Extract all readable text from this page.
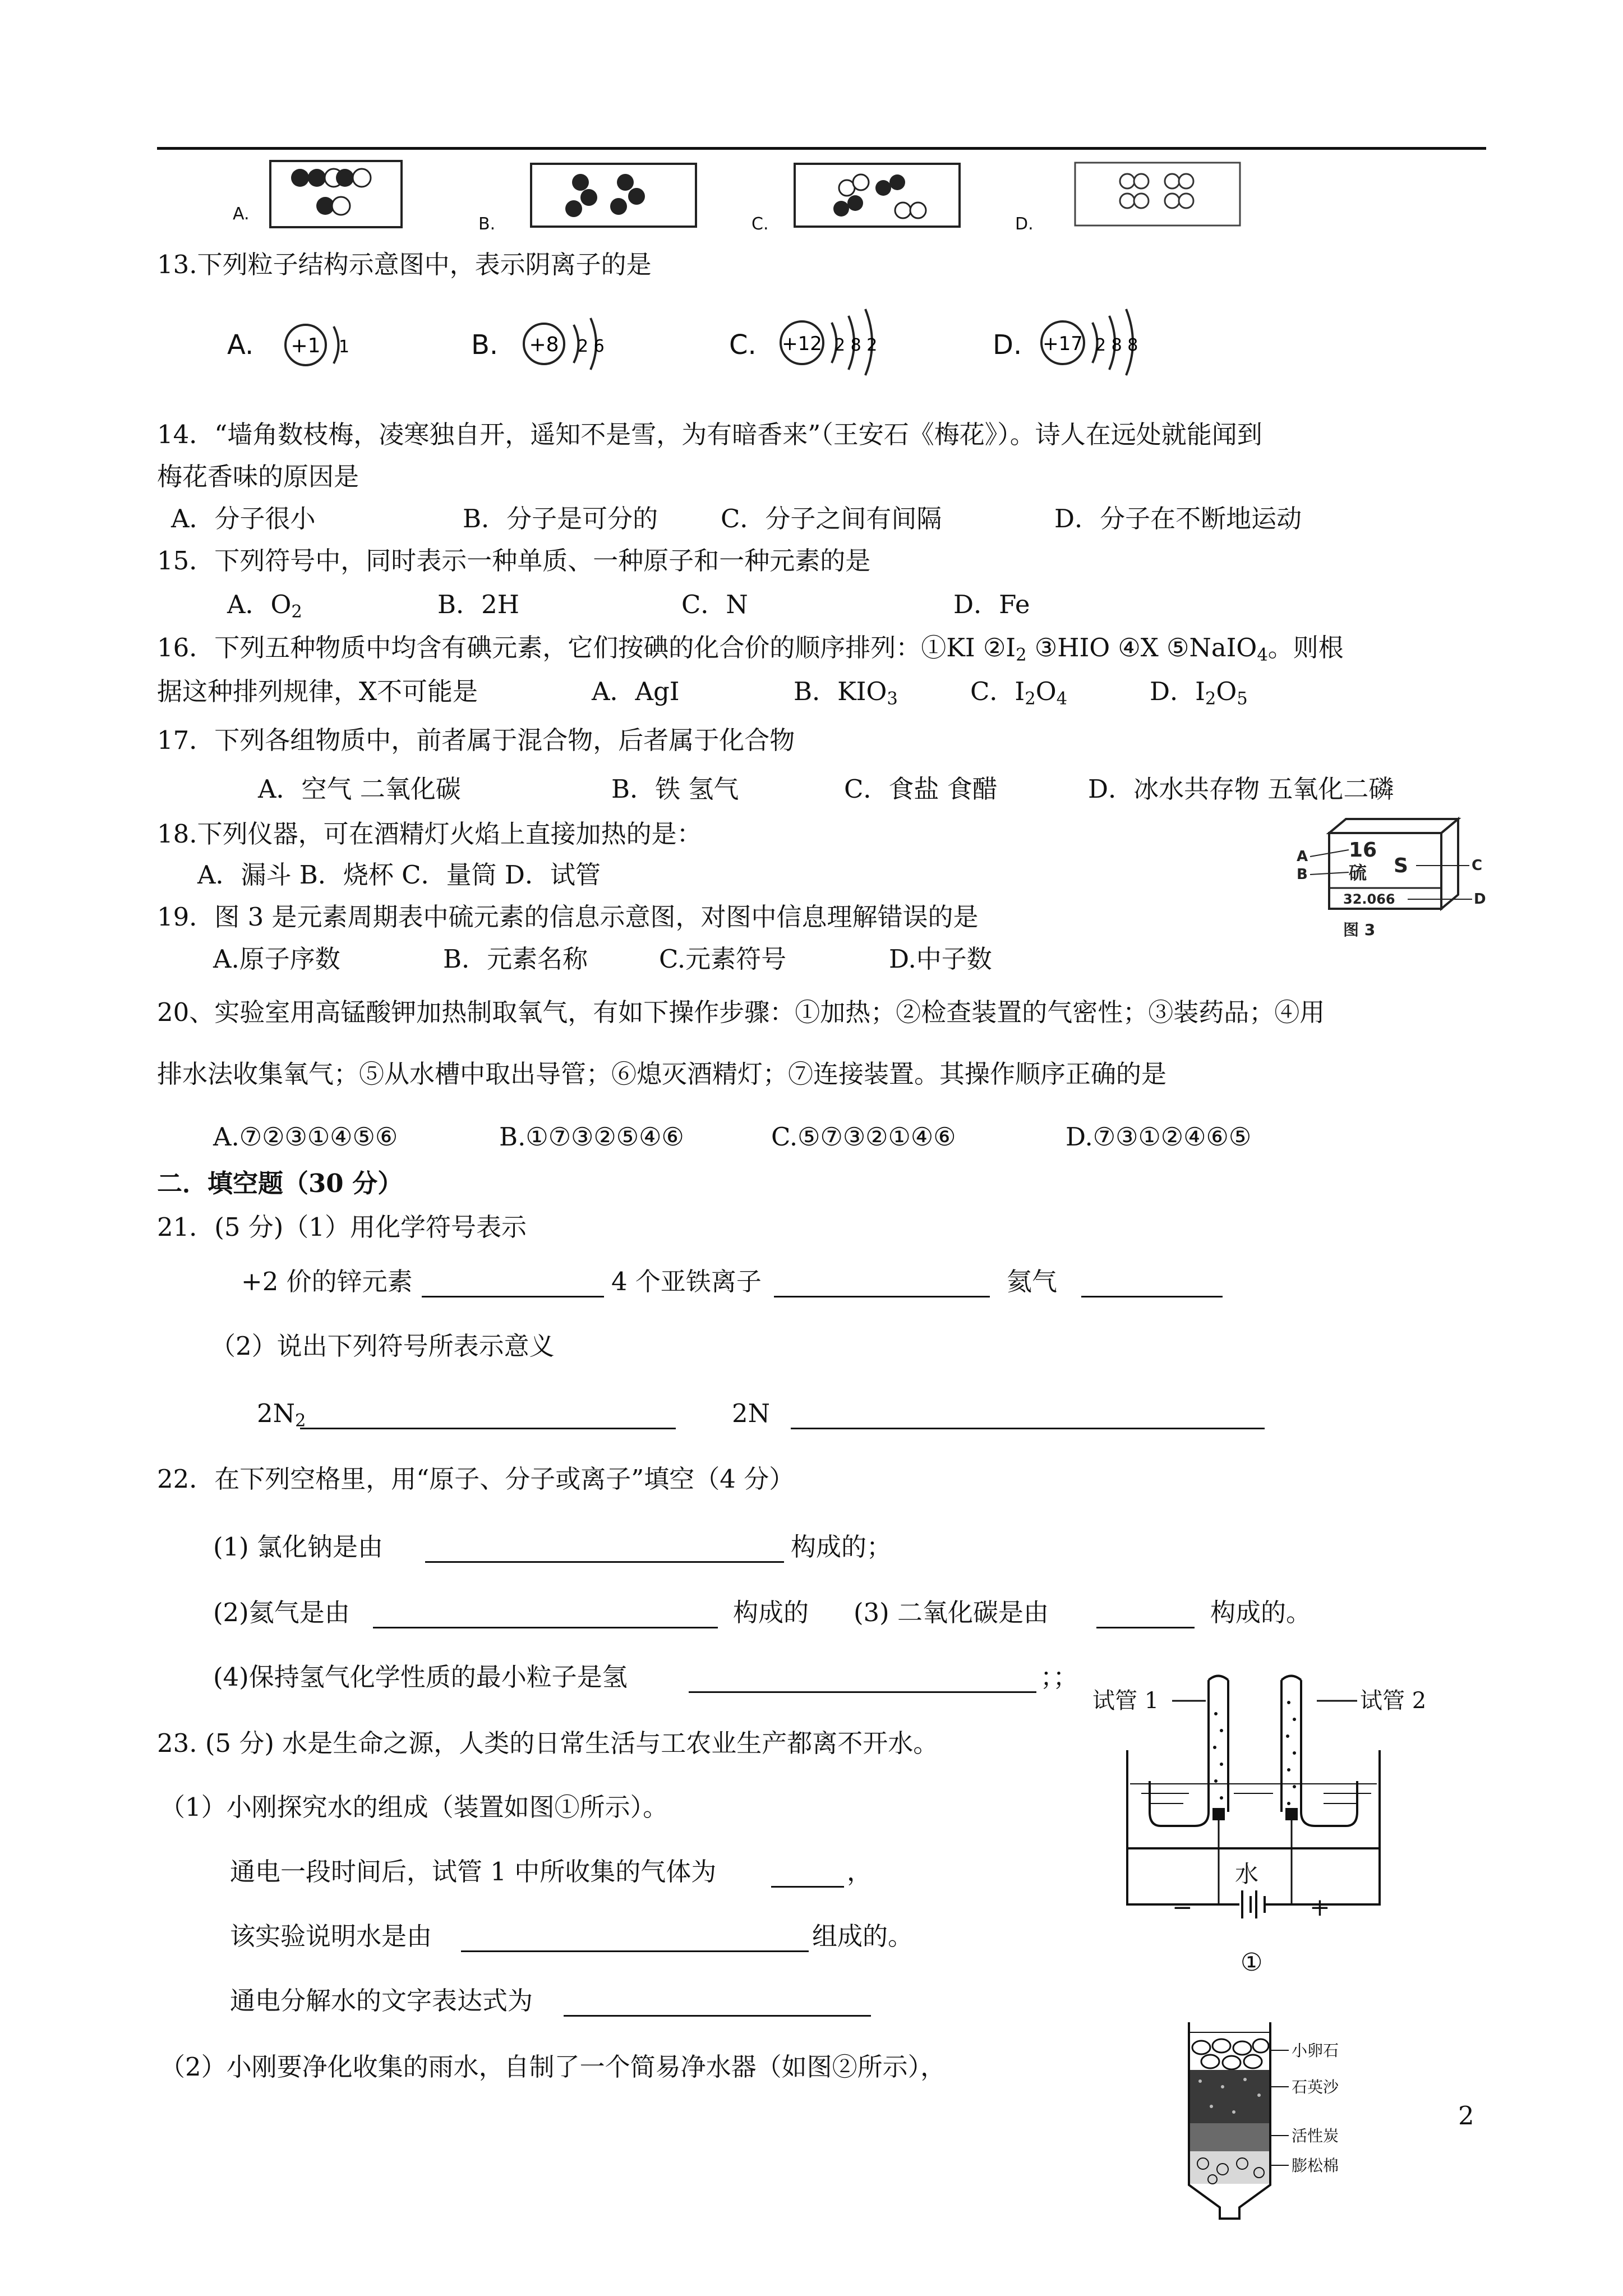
A.
B.	C.	D.
13.下列粒子结构示意图中，表示阴离子的是
A. +1 1	B. +8 2 6	C. +12 2 8 2	D. +17 2 8 8
14．“墙角数枝梅，凌寒独自开，遥知不是雪，为有暗香来”（王安石《梅花》）。诗人在远处就能闻到
梅花香味的原因是
A．分子很小	B．分子是可分的 C．分子之间有间隔	D．分子在不断地运动
15．下列符号中，同时表示一种单质、一种原子和一种元素的是
A．$O_2$	B．2H	C．N	D．Fe
16．下列五种物质中均含有碘元素，它们按碘的化合价的顺序排列：①KI $②I_2$ ③HIO ④X ⑤NaIO$_4$。则根
据这种排列规律，X不可能是	A．AgI	B．$KIO_3$	C．$I_2O_4$	D．$I_2O_5$
17．下列各组物质中，前者属于混合物，后者属于化合物
A．空气 二氧化碳	B．铁 氢气	C．食盐 食醋	D．冰水共存物 五氧化二磷
18.下列仪器，可在酒精灯火焰上直接加热的是：
A．漏斗 B．烧杯 C．量筒 D．试管
16
硫 S
32.066
A
B
C
D
图 3
19．图 3 是元素周期表中硫元素的信息示意图，对图中信息理解错误的是
A.原子序数	B．元素名称	C.元素符号	D.中子数
20、实验室用高锰酸钾加热制取氧气，有如下操作步骤：①加热；②检查装置的气密性；③装药品；④用
排水法收集氧气；⑤从水槽中取出导管；⑥熄灭酒精灯；⑦连接装置。其操作顺序正确的是
A.⑦②③①④⑤⑥	B.①⑦③②⑤④⑥	C.⑤⑦③②①④⑥	D.⑦③①②④⑥⑤
二．填空题（30 分）
21．(5 分)（1）用化学符号表示
+2 价的锌元素	4 个亚铁离子	氦气
（2）说出下列符号所表示意义
$2N_2$	2N
22．在下列空格里，用“原子、分子或离子”填空（4 分）
(1) 氯化钠是由	构成的；
(2)氦气是由	构成的 (3) 二氧化碳是由	构成的。
(4)保持氢气化学性质的最小粒子是氢	；；
试管 1	试管 2
水
−	+
①
23. (5 分) 水是生命之源，人类的日常生活与工农业生产都离不开水。
（1）小刚探究水的组成（装置如图①所示）。
通电一段时间后，试管 1 中所收集的气体为	，
该实验说明水是由	组成的。
通电分解水的文字表达式为
（2）小刚要净化收集的雨水，自制了一个简易净水器（如图②所示），
小卵石
石英沙
活性炭
膨松棉
2
